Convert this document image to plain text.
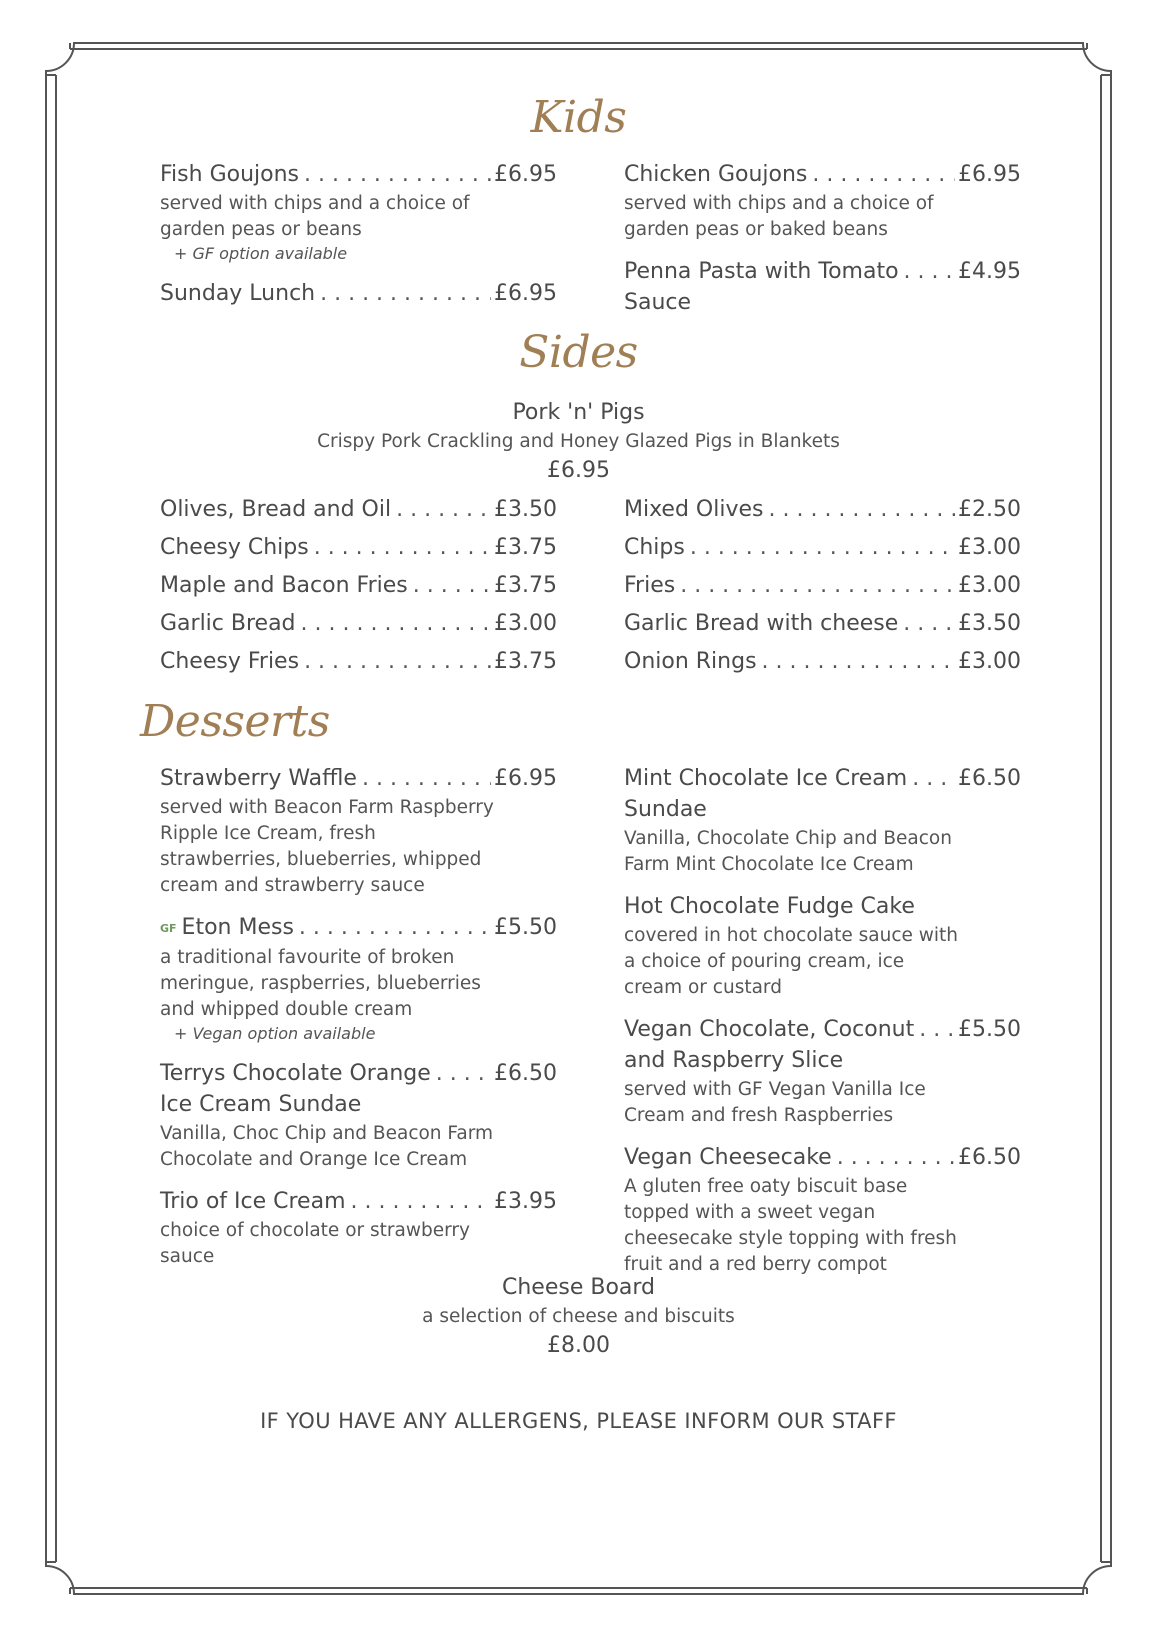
Kids
Fish Goujons . . .	£6.95
served with chips and a choice of garden peas or beans
+ GF option available
Sunday Lunch . . .	£6.95
Chicken Goujons . . .	£6.95
served with chips and a choice of garden peas or baked beans
Penna Pasta with Tomato . . .	£4.95
Sauce
Sides
Pork 'n' Pigs
Crispy Pork Crackling and Honey Glazed Pigs in Blankets
£6.95
Olives, Bread and Oil . . .	£3.50
Cheesy Chips . . .	£3.75
Maple and Bacon Fries . . .	£3.75
Garlic Bread . . .	£3.00
Cheesy Fries . . .	£3.75
Mixed Olives . . .	£2.50
Chips . . .	£3.00
Fries . . .	£3.00
Garlic Bread with cheese . . .	£3.50
Onion Rings . . .	£3.00
Desserts
Strawberry Waffle . . .	£6.95
served with Beacon Farm Raspberry Ripple Ice Cream, fresh strawberries, blueberries, whipped cream and strawberry sauce
GF Eton Mess . . .	£5.50
a traditional favourite of broken meringue, raspberries, blueberries and whipped double cream
+ Vegan option available
Terrys Chocolate Orange . . .	£6.50
Ice Cream Sundae
Vanilla, Choc Chip and Beacon Farm Chocolate and Orange Ice Cream
Trio of Ice Cream . . .	£3.95
choice of chocolate or strawberry sauce
Mint Chocolate Ice Cream . . . £6.50
Sundae
Vanilla, Chocolate Chip and Beacon Farm Mint Chocolate Ice Cream
Hot Chocolate Fudge Cake
covered in hot chocolate sauce with a choice of pouring cream, ice cream or custard
Vegan Chocolate, Coconut . . . £5.50
and Raspberry Slice
served with GF Vegan Vanilla Ice Cream and fresh Raspberries
Vegan Cheesecake . . .	£6.50
A gluten free oaty biscuit base topped with a sweet vegan cheesecake style topping with fresh fruit and a red berry compot
Cheese Board
a selection of cheese and biscuits
£8.00
IF YOU HAVE ANY ALLERGENS, PLEASE INFORM OUR STAFF
